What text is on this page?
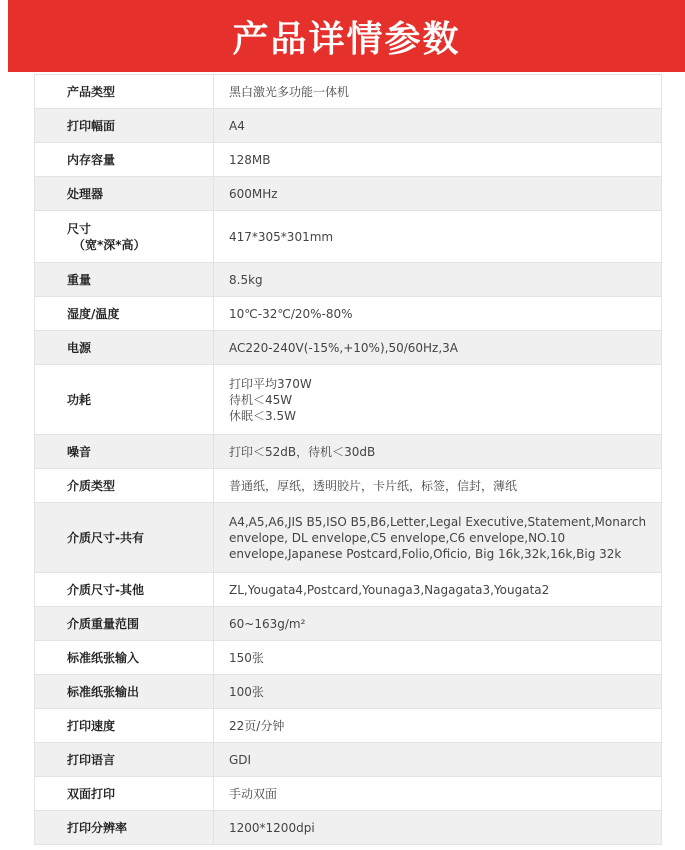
产品详情参数
产品类型	黑白激光多功能一体机
打印幅面	A4
内存容量	128MB
处理器	600MHz

尺寸
（宽*深*高）	417*305*301mm
重量	8.5kg
湿度/温度	10℃-32℃/20%-80%
电源	AC220-240V(-15%,+10%),50/60Hz,3A
功耗	打印平均370W
待机＜45W
休眠＜3.5W

噪音	打印＜52dB，待机＜30dB
介质类型	普通纸，厚纸，透明胶片，卡片纸，标签，信封，薄纸
介质尺寸-共有	A4,A5,A6,JIS B5,ISO B5,B6,Letter,Legal Executive,Statement,Monarch envelope, DL envelope,C5 envelope,C6 envelope,NO.10 envelope,Japanese Postcard,Folio,Oficio, Big 16k,32k,16k,Big 32k
介质尺寸-其他	ZL,Yougata4,Postcard,Younaga3,Nagagata3,Yougata2
介质重量范围	60~163g/m²
标准纸张输入	150张
标准纸张输出	100张
打印速度	22页/分钟
打印语言	GDI
双面打印	手动双面
打印分辨率	1200*1200dpi
